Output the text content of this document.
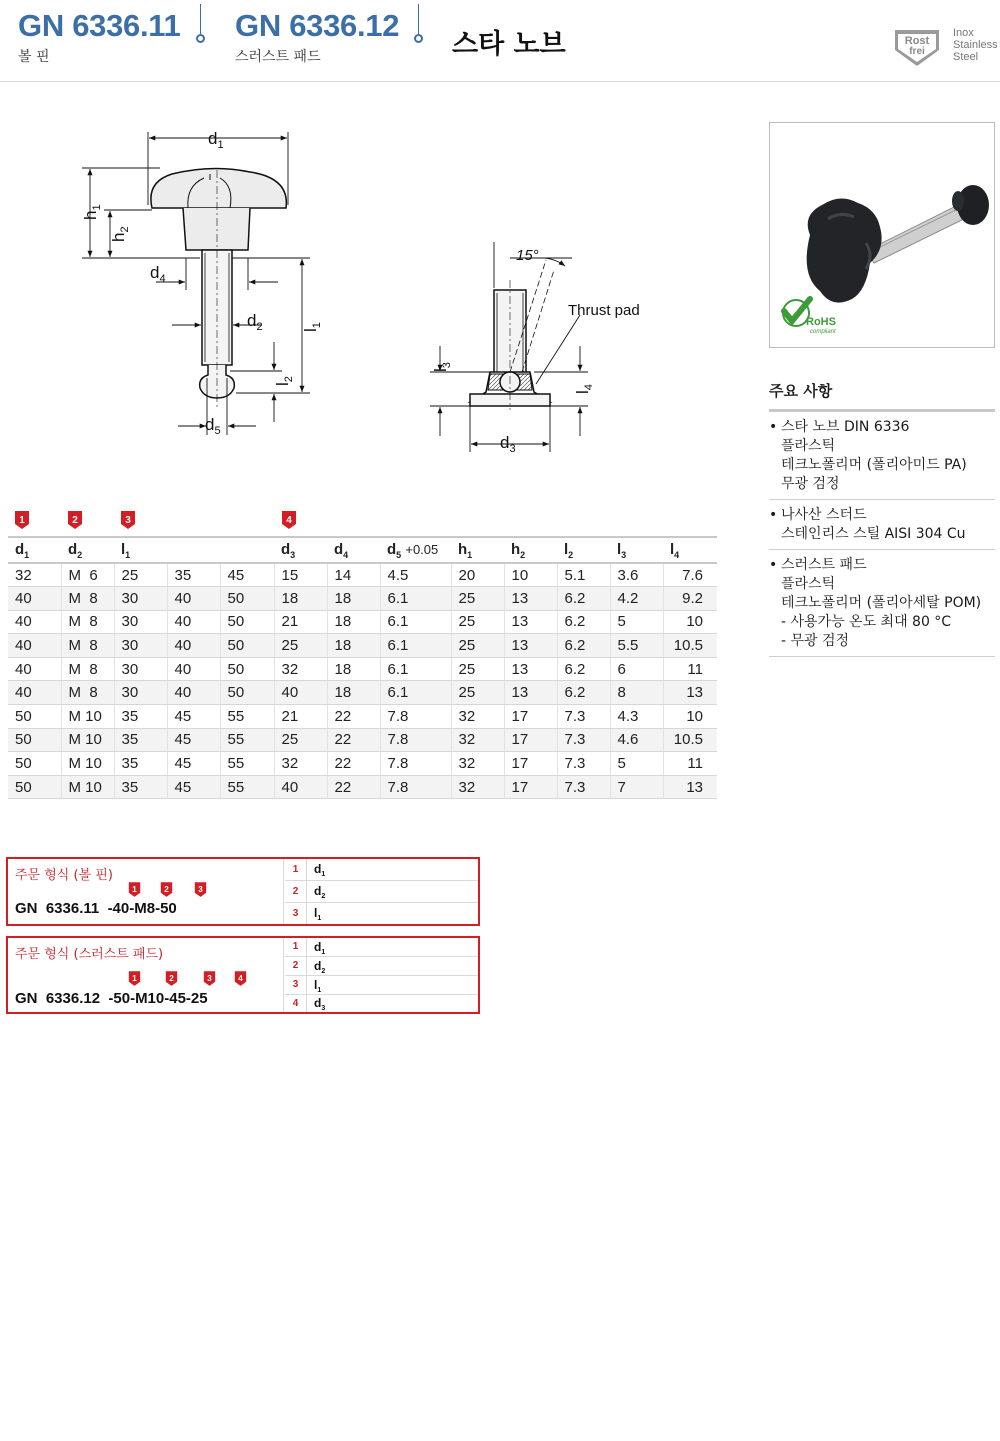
GN 6336.11
볼 핀
GN 6336.12
스러스트 패드	스타 노브
EDELSTAHL
Rost
frei
Inox
Stainless
Steel
$d_1$
$h_1$
$h_2$
$d_4$
$d_2$ $l_1$
$l_2$
$d_5$
15°
Thrust pad
$l_3$
$l_4$
$d_3$
RoHS
compliant
주요 사항
• 스타 노브 DIN 6336
플라스틱
테크노폴리머 (폴리아미드 PA)
무광 검정
• 나사산 스터드
스테인리스 스틸 AISI 304 Cu
• 스러스트 패드
플라스틱
테크노폴리머 (폴리아세탈 POM)
- 사용가능 온도 최대 80 °C
- 무광 검정
1	2	3	4
$d_1$	$d_2$	$l_1$			$d_3$	$d_4$	$d_5 +0.05$	$h_1$	$h_2$	$l_2$	$l_3$	$l_4$
32	M  6	25	35	45	15	14	4.5	20	10	5.1	3.6	7.6
40	M  8	30	40	50	18	18	6.1	25	13	6.2	4.2	9.2
40	M  8	30	40	50	21	18	6.1	25	13	6.2	5	10
40	M  8	30	40	50	25	18	6.1	25	13	6.2	5.5	10.5
40	M  8	30	40	50	32	18	6.1	25	13	6.2	6	11
40	M  8	30	40	50	40	18	6.1	25	13	6.2	8	13
50	M 10	35	45	55	21	22	7.8	32	17	7.3	4.3	10
50	M 10	35	45	55	25	22	7.8	32	17	7.3	4.6	10.5
50	M 10	35	45	55	32	22	7.8	32	17	7.3	5	11
50	M 10	35	45	55	40	22	7.8	32	17	7.3	7	13
주문 형식 (볼 핀)
1	2	3
GN  6336.11  -40-M8-50
1	$d_1$
2	$d_2$
3	$l_1$
주문 형식 (스러스트 패드)
1	2	3	4
GN  6336.12  -50-M10-45-25
1	$d_1$
2	$d_2$
3	$l_1$
4	$d_3$
